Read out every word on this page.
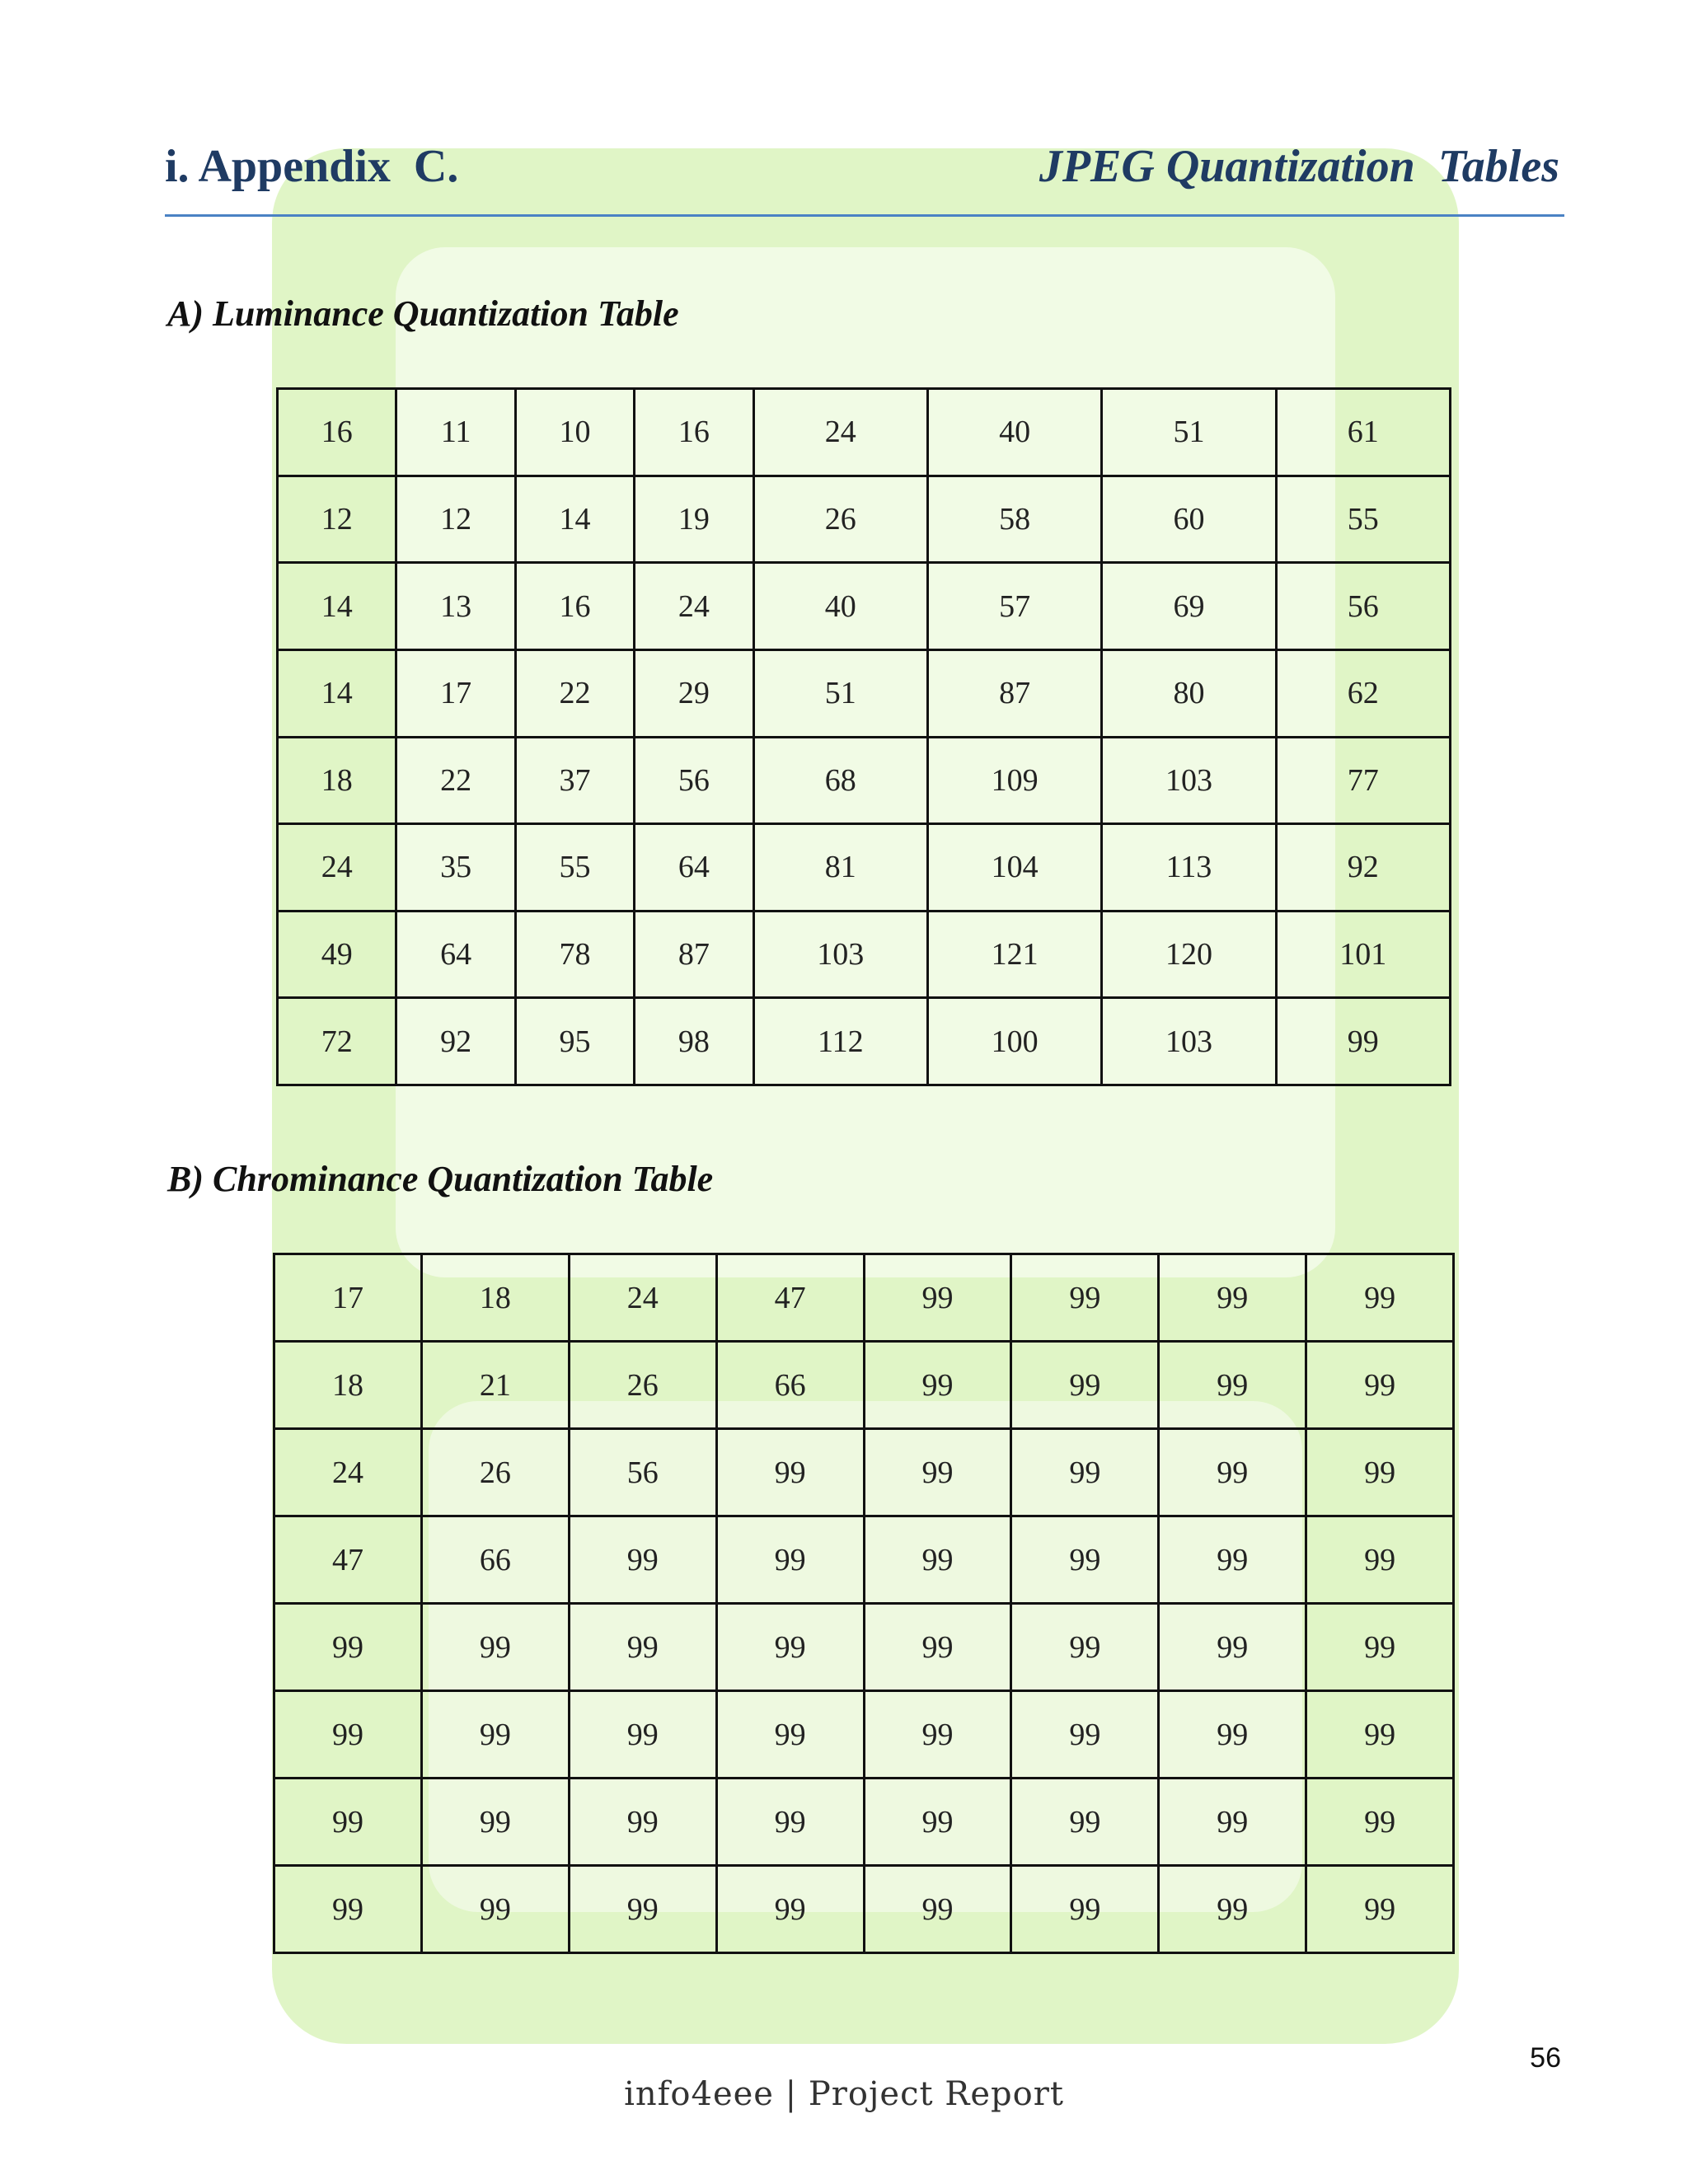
i. Appendix  C.	JPEG Quantization  Tables
A) Luminance Quantization Table
16	11	10	16	24	40	51	61
12	12	14	19	26	58	60	55
14	13	16	24	40	57	69	56
14	17	22	29	51	87	80	62
18	22	37	56	68	109	103	77
24	35	55	64	81	104	113	92
49	64	78	87	103	121	120	101
72	92	95	98	112	100	103	99
B) Chrominance Quantization Table
17	18	24	47	99	99	99	99
18	21	26	66	99	99	99	99
24	26	56	99	99	99	99	99
47	66	99	99	99	99	99	99
99	99	99	99	99	99	99	99
99	99	99	99	99	99	99	99
99	99	99	99	99	99	99	99
99	99	99	99	99	99	99	99
56
info4eee | Project Report
